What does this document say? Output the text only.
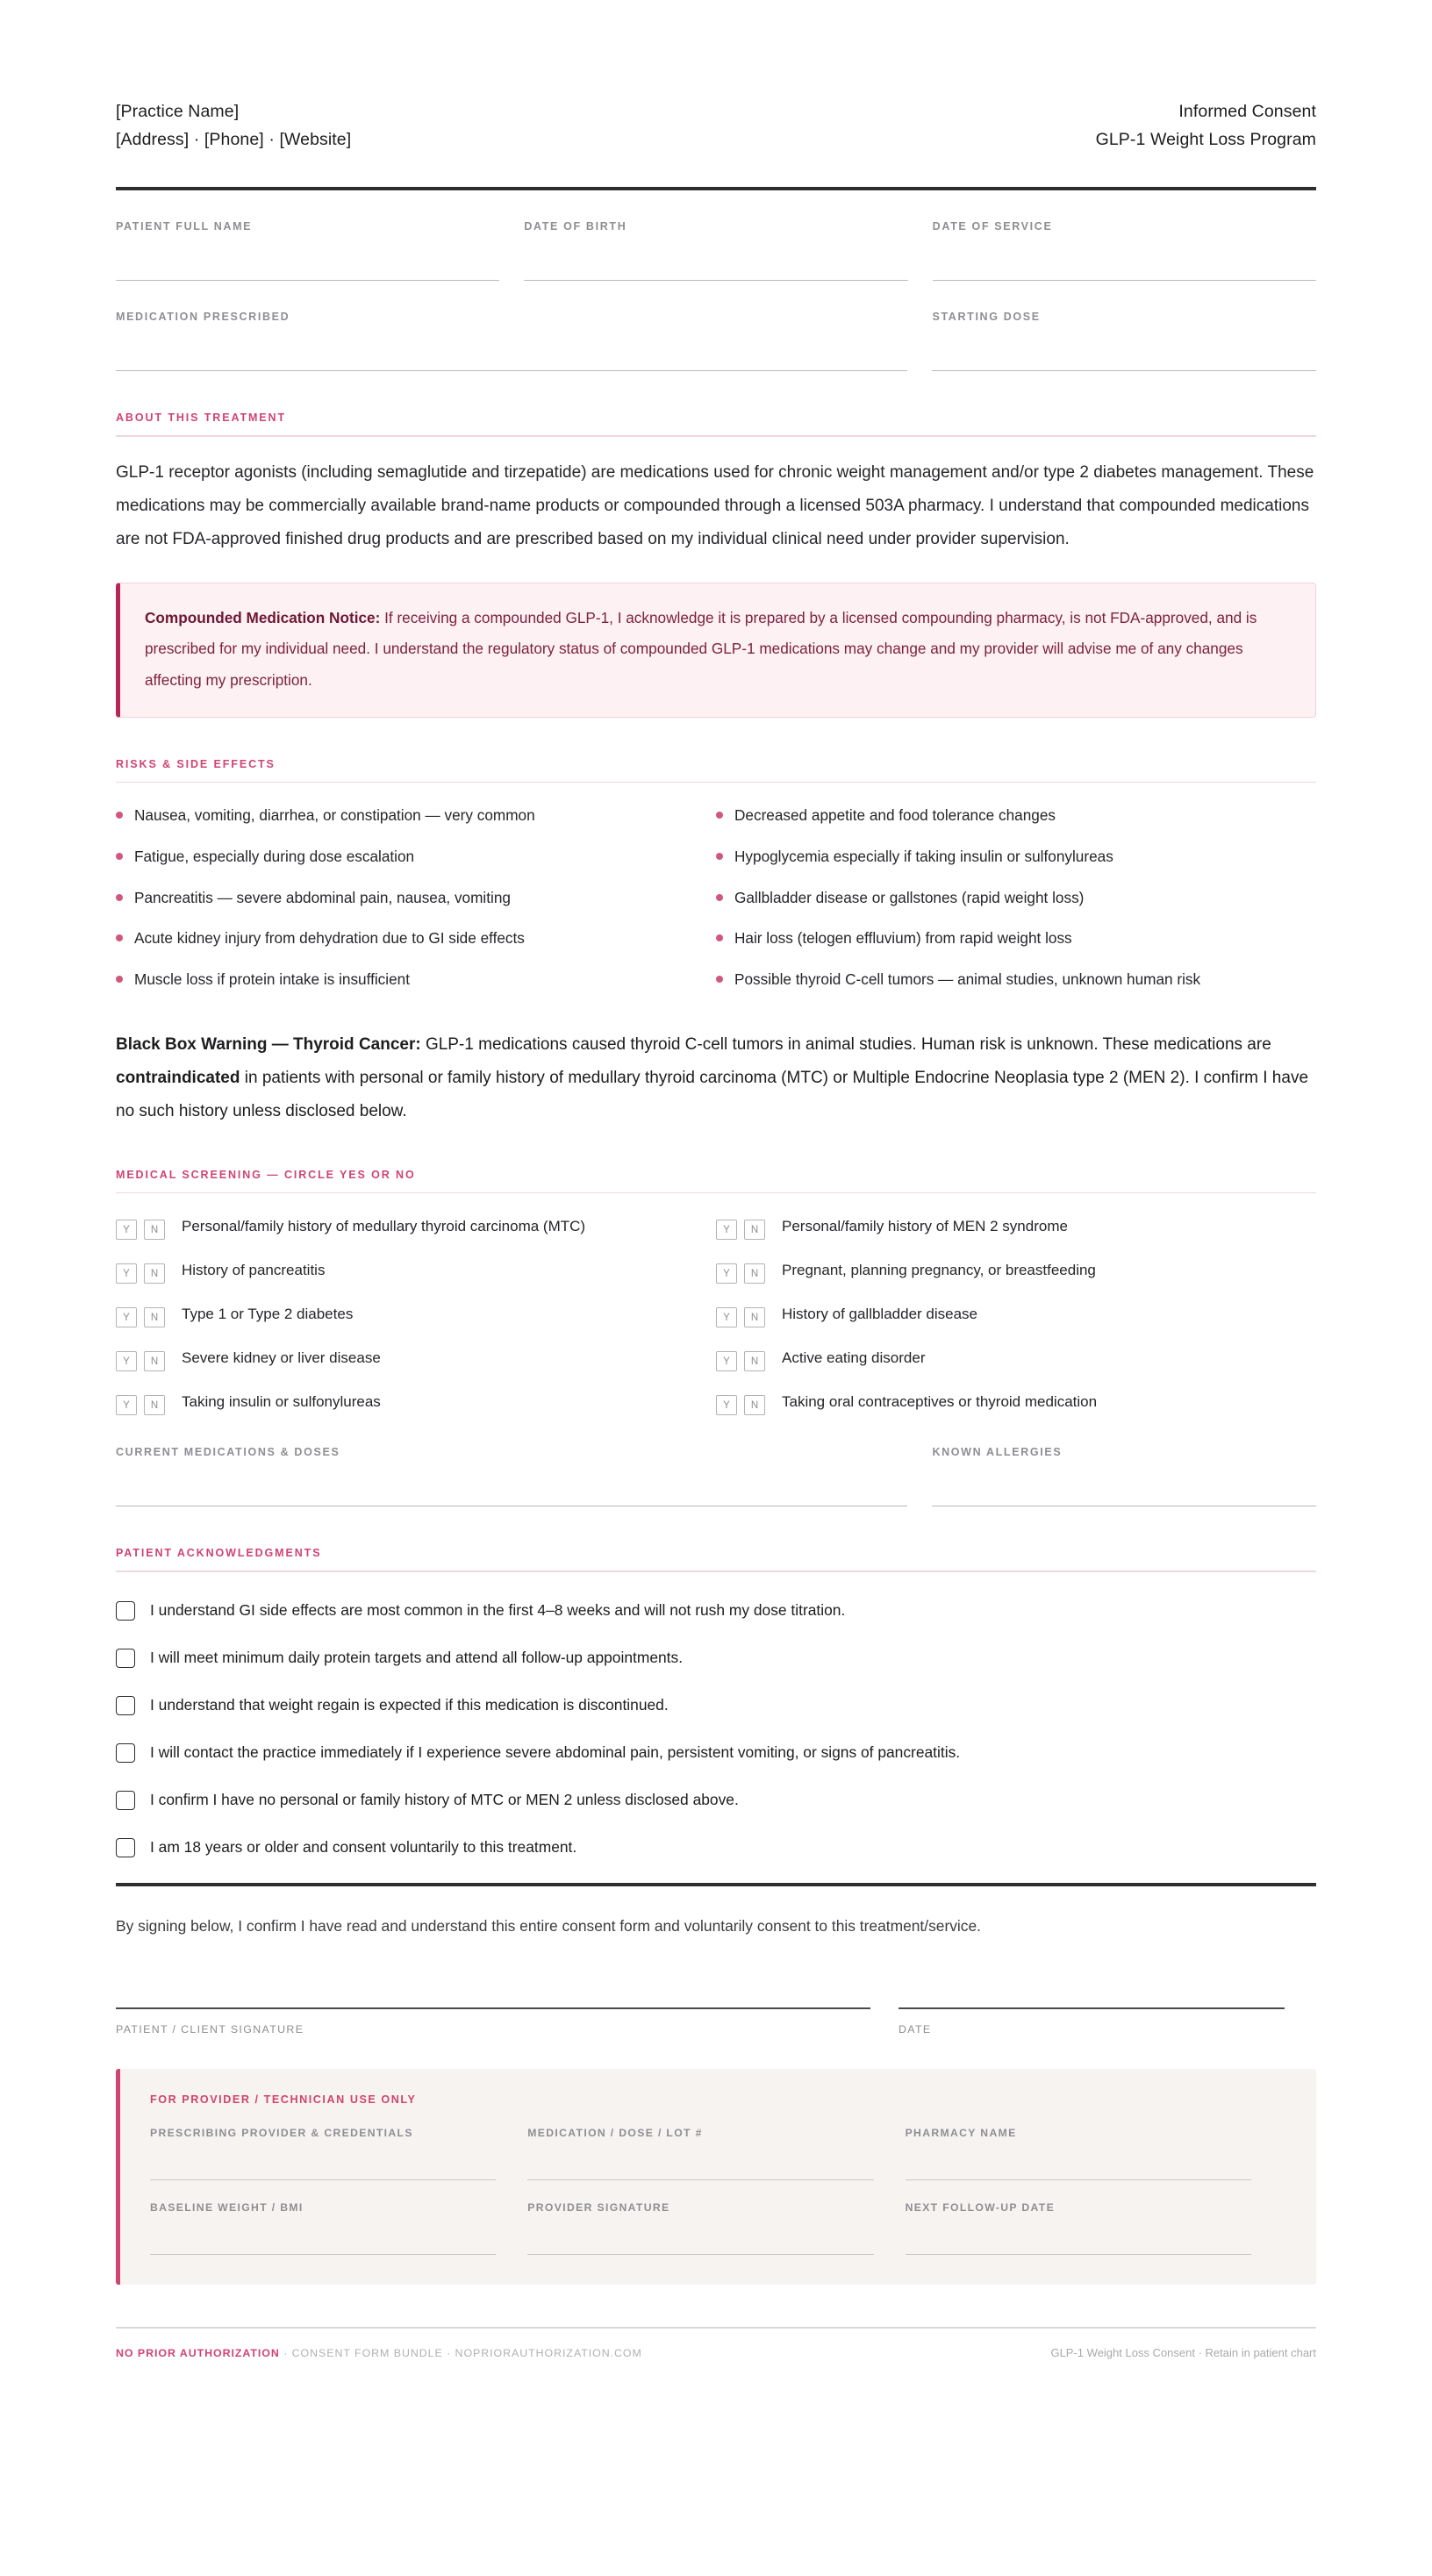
[Practice Name]
[Address] · [Phone] · [Website]
Informed Consent
GLP-1 Weight Loss Program
PATIENT FULL NAME	DATE OF BIRTH	DATE OF SERVICE
MEDICATION PRESCRIBED	STARTING DOSE
ABOUT THIS TREATMENT
GLP-1 receptor agonists (including semaglutide and tirzepatide) are medications used for chronic weight management and/or type 2 diabetes management. These medications may be commercially available brand-name products or compounded through a licensed 503A pharmacy. I understand that compounded medications are not FDA-approved finished drug products and are prescribed based on my individual clinical need under provider supervision.

Compounded Medication Notice: If receiving a compounded GLP-1, I acknowledge it is prepared by a licensed compounding pharmacy, is not FDA-approved, and is prescribed for my individual need. I understand the regulatory status of compounded GLP-1 medications may change and my provider will advise me of any changes affecting my prescription.

RISKS & SIDE EFFECTS
Nausea, vomiting, diarrhea, or constipation — very common
Fatigue, especially during dose escalation
Pancreatitis — severe abdominal pain, nausea, vomiting
Acute kidney injury from dehydration due to GI side effects
Muscle loss if protein intake is insufficient
Decreased appetite and food tolerance changes
Hypoglycemia especially if taking insulin or sulfonylureas
Gallbladder disease or gallstones (rapid weight loss)
Hair loss (telogen effluvium) from rapid weight loss
Possible thyroid C-cell tumors — animal studies, unknown human risk
Black Box Warning — Thyroid Cancer: GLP-1 medications caused thyroid C-cell tumors in animal studies. Human risk is unknown. These medications are contraindicated in patients with personal or family history of medullary thyroid carcinoma (MTC) or Multiple Endocrine Neoplasia type 2 (MEN 2). I confirm I have no such history unless disclosed below.
MEDICAL SCREENING — CIRCLE YES OR NO
Y	N	Personal/family history of medullary thyroid carcinoma (MTC)
Y	N	History of pancreatitis
Y	N	Type 1 or Type 2 diabetes
Y	N	Severe kidney or liver disease
Y	N	Taking insulin or sulfonylureas
Y	N	Personal/family history of MEN 2 syndrome
Y	N	Pregnant, planning pregnancy, or breastfeeding
Y	N	History of gallbladder disease
Y	N	Active eating disorder
Y	N	Taking oral contraceptives or thyroid medication
CURRENT MEDICATIONS & DOSES	KNOWN ALLERGIES
PATIENT ACKNOWLEDGMENTS
I understand GI side effects are most common in the first 4–8 weeks and will not rush my dose titration.
I will meet minimum daily protein targets and attend all follow-up appointments.
I understand that weight regain is expected if this medication is discontinued.
I will contact the practice immediately if I experience severe abdominal pain, persistent vomiting, or signs of pancreatitis.
I confirm I have no personal or family history of MTC or MEN 2 unless disclosed above.
I am 18 years or older and consent voluntarily to this treatment.
By signing below, I confirm I have read and understand this entire consent form and voluntarily consent to this treatment/service.
PATIENT / CLIENT SIGNATURE	DATE
FOR PROVIDER / TECHNICIAN USE ONLY
PRESCRIBING PROVIDER & CREDENTIALS	MEDICATION / DOSE / LOT #	PHARMACY NAME
BASELINE WEIGHT / BMI	PROVIDER SIGNATURE	NEXT FOLLOW-UP DATE
NO PRIOR AUTHORIZATION · CONSENT FORM BUNDLE · NOPRIORAUTHORIZATION.COM	GLP-1 Weight Loss Consent · Retain in patient chart
